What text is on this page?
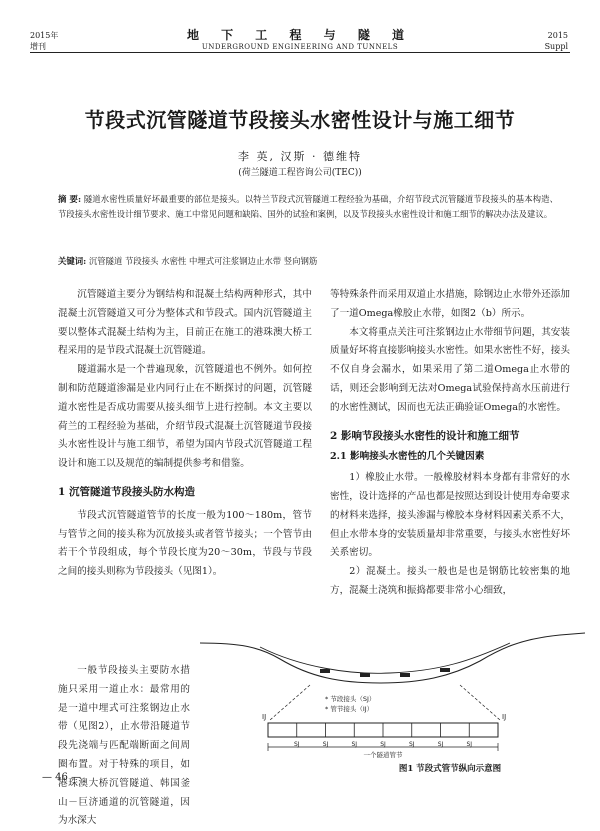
2015年
增刊
地 下 工 程 与 隧 道
UNDERGROUND ENGINEERING AND TUNNELS
2015
Suppl
节段式沉管隧道节段接头水密性设计与施工细节
李 英, 汉斯 · 德维特
(荷兰隧道工程咨询公司(TEC))
摘 要: 隧道水密性质量好坏最重要的部位是接头。以特兰节段式沉管隧道工程经验为基础，介绍节段式沉管隧道节段接头的基本构造、节段接头水密性设计细节要求、施工中常见问题和缺陷、国外的试验和案例，以及节段接头水密性设计和施工细节的解决办法及建议。
关键词: 沉管隧道 节段接头 水密性 中埋式可注浆钢边止水带 竖向钢筋

沉管隧道主要分为钢结构和混凝土结构两种形式，其中混凝土沉管隧道又可分为整体式和节段式。国内沉管隧道主要以整体式混凝土结构为主，目前正在施工的港珠澳大桥工程采用的是节段式混凝土沉管隧道。

隧道漏水是一个普遍现象，沉管隧道也不例外。如何控制和防范隧道渗漏是业内同行止在不断探讨的问题，沉管隧道水密性是否成功需要从接头细节上进行控制。本文主要以荷兰的工程经验为基础，介绍节段式混凝土沉管隧道节段接头水密性设计与施工细节，希望为国内节段式沉管隧道工程设计和施工以及规范的编制提供参考和借鉴。

1 沉管隧道节段接头防水构造

节段式沉管隧道管节的长度一般为100～180m，管节与管节之间的接头称为沉放接头或者管节接头；一个管节由若干个节段组成，每个节段长度为20～30m，节段与节段之间的接头则称为节段接头（见图1）。

一般节段接头主要防水措施只采用一道止水：最常用的是一道中埋式可注浆钢边止水带（见图2），止水带沿隧道节段先浇端与匹配端断面之间周圈布置。对于特殊的项目，如港珠澳大桥沉管隧道、韩国釜山－巨济通道的沉管隧道，因为水深大

等特殊条件而采用双道止水措施，除钢边止水带外还添加了一道Omega橡胶止水带，如图2（b）所示。

本文将重点关注可注浆钢边止水带细节问题，其安装质量好坏将直接影响接头水密性。如果水密性不好，接头不仅自身会漏水，如果采用了第二道Omega止水带的话，则还会影响到无法对Omega试验保持高水压前进行的水密性测试，因而也无法正确验证Omega的水密性。

2 影响节段接头水密性的设计和施工细节
2.1 影响接头水密性的几个关键因素

1）橡胶止水带。一般橡胶材料本身都有非常好的水密性，设计选择的产品也都是按照达到设计使用寿命要求的材料来选择，接头渗漏与橡胶本身材料因素关系不大，但止水带本身的安装质量却非常重要，与接头水密性好坏关系密切。

2）混凝土。接头一般也是也是钢筋比较密集的地方，混凝土浇筑和振捣都要非常小心细致，

* 节段接头（SJ）
* 管节接头（IJ）
IJ	IJ
SJ	SJ	SJ	SJ	SJ	SJ	SJ
一个隧道管节
图1 节段式管节纵向示意图
— 46 —
